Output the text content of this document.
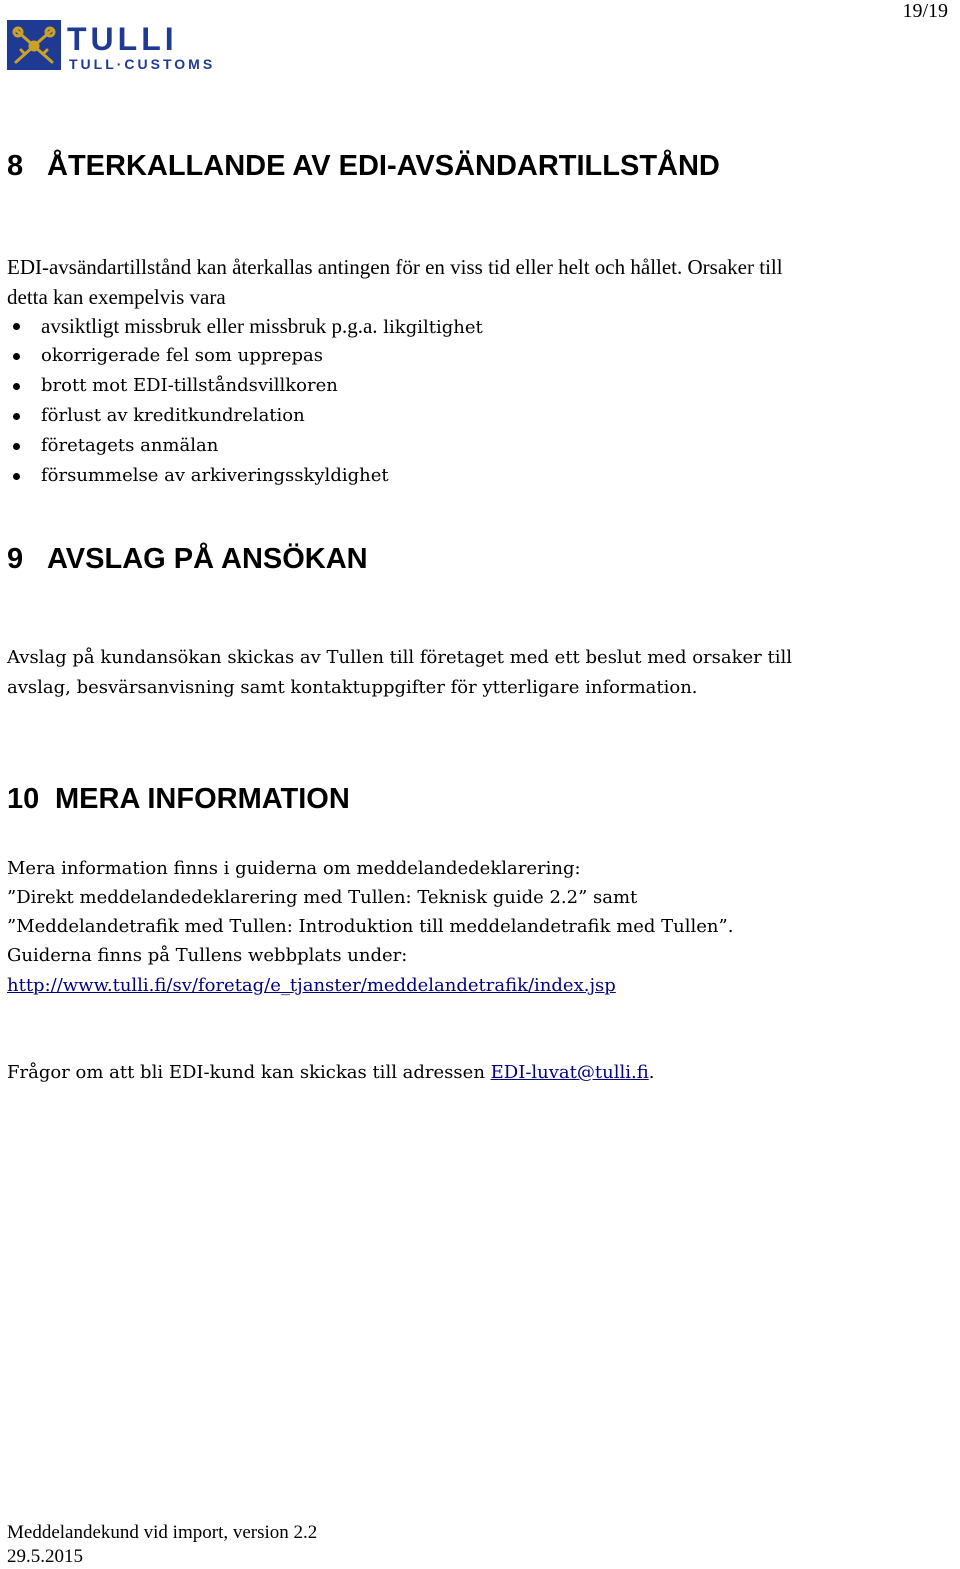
TULLI
TULL·CUSTOMS
19/19
8 ÅTERKALLANDE AV EDI-AVSÄNDARTILLSTÅND
EDI-avsändartillstånd kan återkallas antingen för en viss tid eller helt och hållet. Orsaker till
detta kan exempelvis vara
avsiktligt missbruk eller missbruk p.g.a. likgiltighet
okorrigerade fel som upprepas
brott mot EDI-tillståndsvillkoren
förlust av kreditkundrelation
företagets anmälan
försummelse av arkiveringsskyldighet
9 AVSLAG PÅ ANSÖKAN
Avslag på kundansökan skickas av Tullen till företaget med ett beslut med orsaker till
avslag, besvärsanvisning samt kontaktuppgifter för ytterligare information.
10 MERA INFORMATION
Mera information finns i guiderna om meddelandedeklarering:
”Direkt meddelandedeklarering med Tullen: Teknisk guide 2.2” samt
”Meddelandetrafik med Tullen: Introduktion till meddelandetrafik med Tullen”.
Guiderna finns på Tullens webbplats under:
http://www.tulli.fi/sv/foretag/e_tjanster/meddelandetrafik/index.jsp
Frågor om att bli EDI-kund kan skickas till adressen EDI-luvat@tulli.fi.
Meddelandekund vid import, version 2.2
29.5.2015
